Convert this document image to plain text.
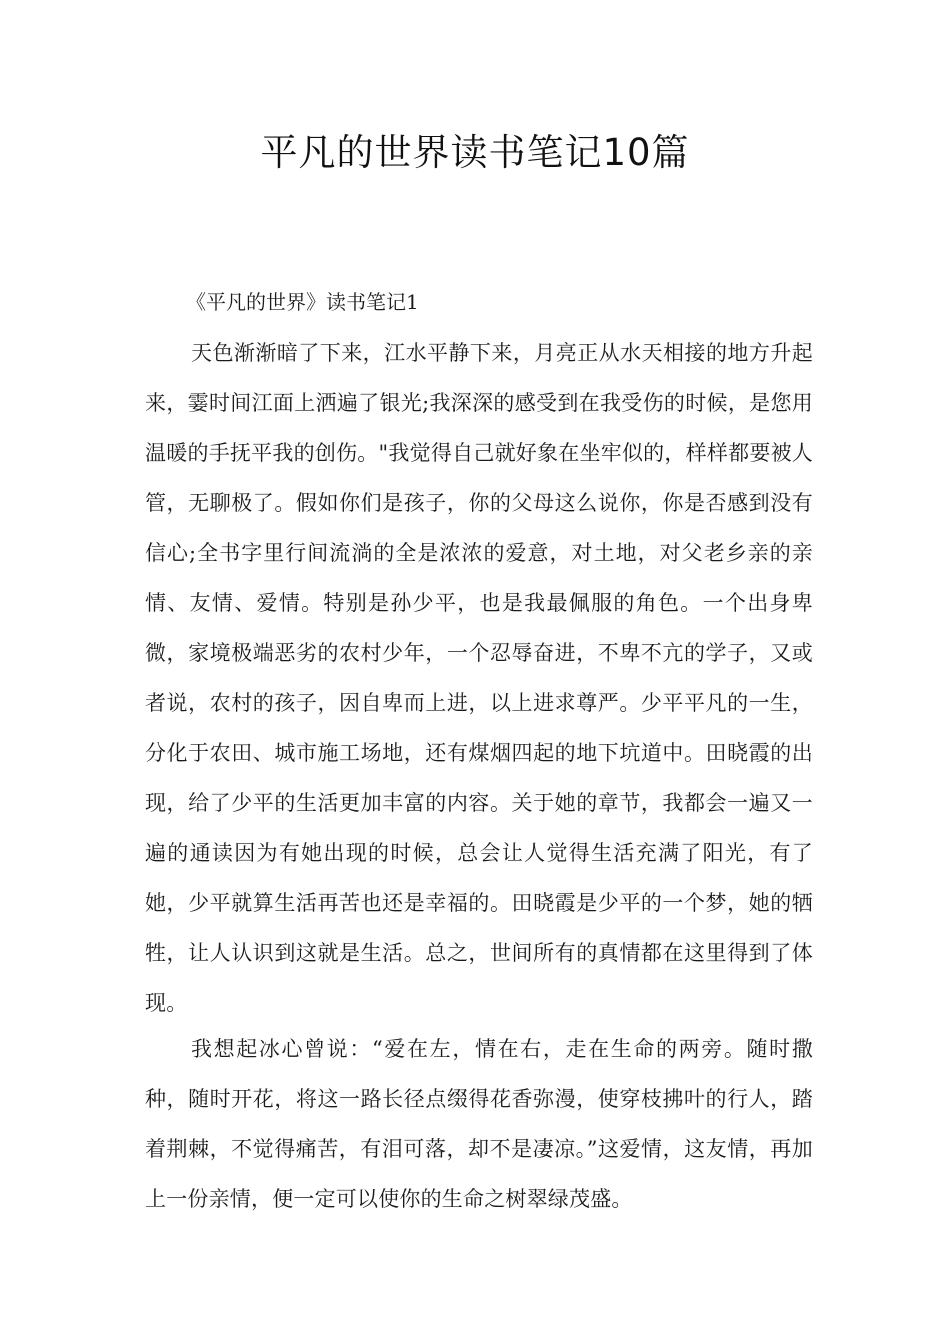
平凡的世界读书笔记10篇
《平凡的世界》读书笔记1

天色渐渐暗了下来，江水平静下来，月亮正从水天相接的地方升起来，霎时间江面上洒遍了银光;我深深的感受到在我受伤的时候，是您用温暖的手抚平我的创伤。"我觉得自己就好象在坐牢似的，样样都要被人管，无聊极了。假如你们是孩子，你的父母这么说你，你是否感到没有信心;全书字里行间流淌的全是浓浓的爱意，对土地，对父老乡亲的亲情、友情、爱情。特别是孙少平，也是我最佩服的角色。一个出身卑微，家境极端恶劣的农村少年，一个忍辱奋进，不卑不亢的学子，又或者说，农村的孩子，因自卑而上进，以上进求尊严。少平平凡的一生，分化于农田、城市施工场地，还有煤烟四起的地下坑道中。田晓霞的出现，给了少平的生活更加丰富的内容。关于她的章节，我都会一遍又一遍的通读因为有她出现的时候，总会让人觉得生活充满了阳光，有了她，少平就算生活再苦也还是幸福的。田晓霞是少平的一个梦，她的牺牲，让人认识到这就是生活。总之，世间所有的真情都在这里得到了体现。

我想起冰心曾说：“爱在左，情在右，走在生命的两旁。随时撒种，随时开花，将这一路长径点缀得花香弥漫，使穿枝拂叶的行人，踏着荆棘，不觉得痛苦，有泪可落，却不是凄凉。”这爱情，这友情，再加上一份亲情，便一定可以使你的生命之树翠绿茂盛。
